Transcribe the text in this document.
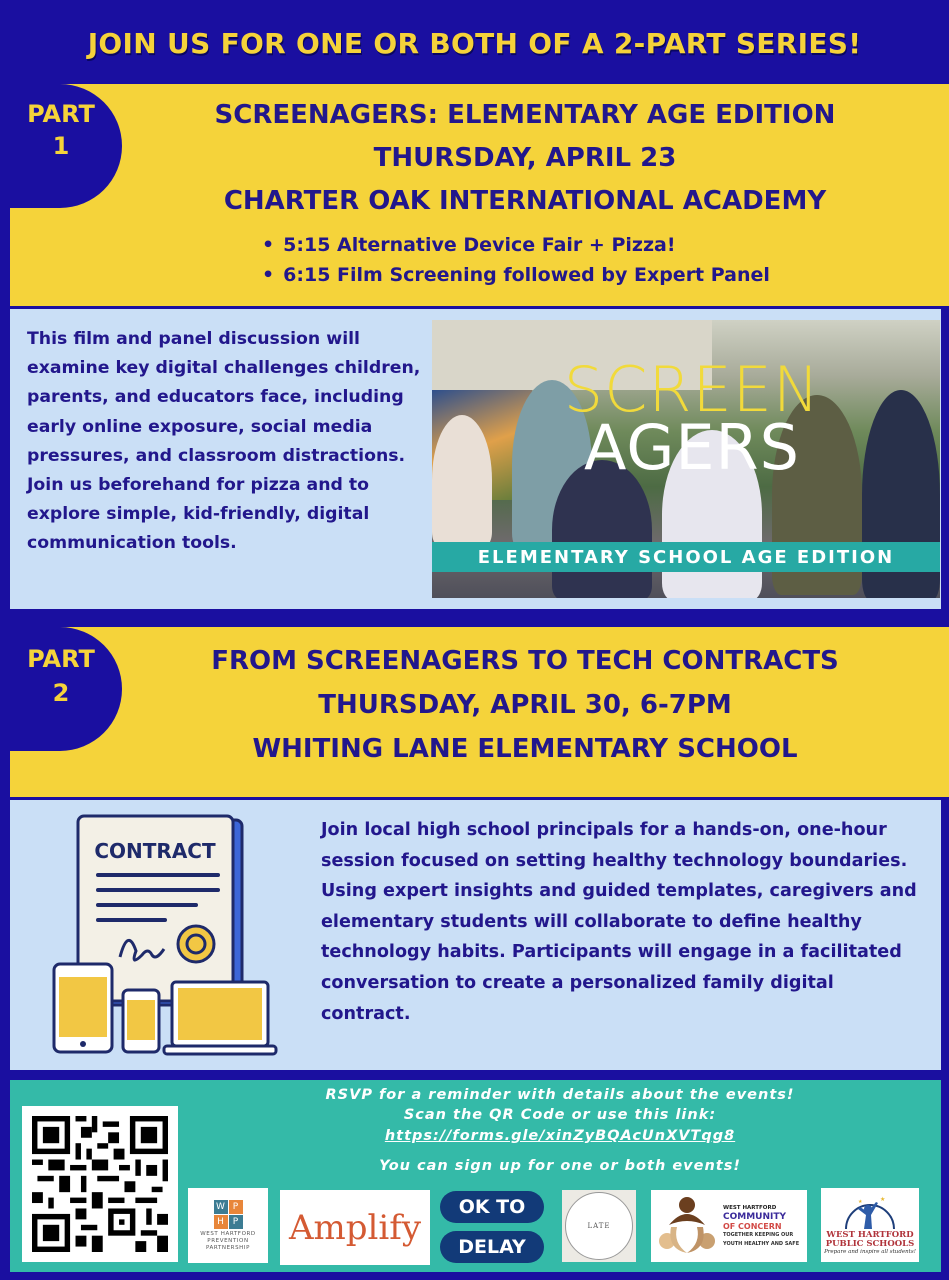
JOIN US FOR ONE OR BOTH OF A 2-PART SERIES!
PART
1
SCREENAGERS: ELEMENTARY AGE EDITION
THURSDAY, APRIL 23
CHARTER OAK INTERNATIONAL ACADEMY
• 5:15 Alternative Device Fair + Pizza!
• 6:15 Film Screening followed by Expert Panel
This film and panel discussion will examine key digital challenges children, parents, and educators face, including early online exposure, social media pressures, and classroom distractions. Join us beforehand for pizza and to explore simple, kid-friendly, digital communication tools.
SCREEN
AGERS
ELEMENTARY SCHOOL AGE EDITION
PART
2
FROM SCREENAGERS TO TECH CONTRACTS
THURSDAY, APRIL 30, 6-7PM
WHITING LANE ELEMENTARY SCHOOL
CONTRACT
Join local high school principals for a hands-on, one-hour session focused on setting healthy technology boundaries. Using expert insights and guided templates, caregivers and elementary students will collaborate to define healthy technology habits. Participants will engage in a facilitated conversation to create a personalized family digital contract.
RSVP for a reminder with details about the events!
Scan the QR Code or use this link:
https://forms.gle/xinZyBQAcUnXVTqg8
You can sign up for one or both events!
W P
H P
WEST HARTFORD PREVENTION PARTNERSHIP	Amplify
OK TO
DELAY
LATE
WEST HARTFORD
COMMUNITY
OF CONCERN
TOGETHER KEEPING OUR YOUTH HEALTHY AND SAFE
★
★
WEST HARTFORD PUBLIC SCHOOLS
Prepare and inspire all students!
